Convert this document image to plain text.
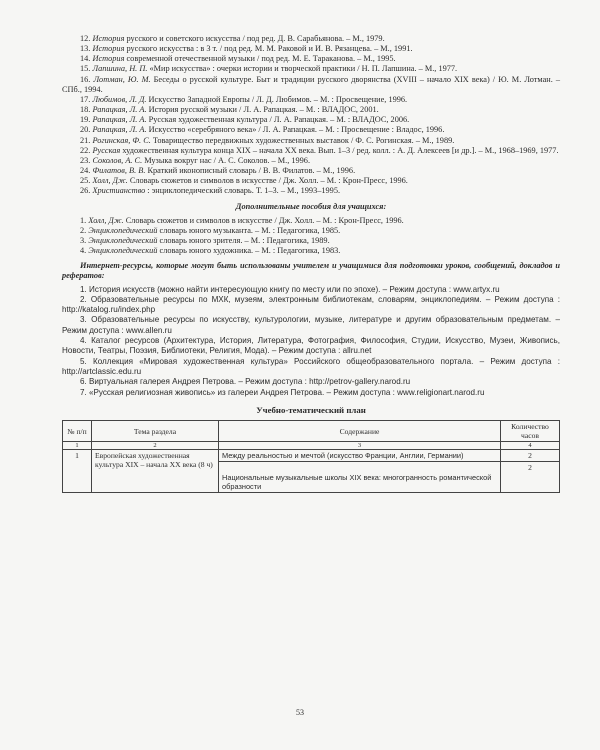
12. История русского и советского искусства / под ред. Д. В. Сарабьянова. – М., 1979.

13. История русского искусства : в 3 т. / под ред. М. М. Раковой и И. В. Рязанцева. – М., 1991.

14. История современной отечественной музыки / под ред. М. Е. Таракановa. – М., 1995.

15. Лапшина, Н. П. «Мир искусства» : очерки истории и творческой практики / Н. П. Лапшина. – М., 1977.

16. Лотман, Ю. М. Беседы о русской культуре. Быт и традиции русского дворянства (XVIII – начало XIX века) / Ю. М. Лотман. – СПб., 1994.

17. Любимов, Л. Д. Искусство Западной Европы / Л. Д. Любимов. – М. : Просвещение, 1996.

18. Рапацкая, Л. А. История русской музыки / Л. А. Рапацкая. – М. : ВЛАДОС, 2001.

19. Рапацкая, Л. А. Русская художественная культура / Л. А. Рапацкая. – М. : ВЛАДОС, 2006.

20. Рапацкая, Л. А. Искусство «серебряного века» / Л. А. Рапацкая. – М. : Просвещение : Владос, 1996.

21. Рогинская, Ф. С. Товарищество передвижных художественных выставок / Ф. С. Рогинская. – М., 1989.

22. Русская художественная культура конца XIX – начала XX века. Вып. 1–3 / ред. колл. : А. Д. Алексеев [и др.]. – М., 1968–1969, 1977.

23. Соколов, А. С. Музыка вокруг нас / А. С. Соколов. – М., 1996.

24. Филатов, В. В. Краткий иконописный словарь / В. В. Филатов. – М., 1996.

25. Холл, Дж. Словарь сюжетов и символов в искусстве / Дж. Холл. – М. : Крон-Пресс, 1996.

26. Христианство : энциклопедический словарь. Т. 1–3. – М., 1993–1995.

Дополнительные пособия для учащихся:

1. Холл, Дж. Словарь сюжетов и символов в искусстве / Дж. Холл. – М. : Крон-Пресс, 1996.

2. Энциклопедический словарь юного музыканта. – М. : Педагогика, 1985.

3. Энциклопедический словарь юного зрителя. – М. : Педагогика, 1989.

4. Энциклопедический словарь юного художника. – М. : Педагогика, 1983.

Интернет-ресурсы, которые могут быть использованы учителем и учащимися для подготовки уроков, сообщений, докладов и рефератов:

1. История искусств (можно найти интересующую книгу по месту или по эпохе). – Режим доступа : www.artyx.ru

2. Образовательные ресурсы по МХК, музеям, электронным библиотекам, словарям, энциклопедиям. – Режим доступа : http://katalog.ru/index.php

3. Образовательные ресурсы по искусству, культурологии, музыке, литературе и другим образовательным предметам. – Режим доступа : www.allen.ru

4. Каталог ресурсов (Архитектура, История, Литература, Фотография, Философия, Студии, Искусство, Музеи, Живопись, Новости, Театры, Поэзия, Библиотеки, Религия, Мода). – Режим доступа : allru.net

5. Коллекция «Мировая художественная культура» Российского общеобразовательного портала. – Режим доступа : http://artclassic.edu.ru

6. Виртуальная галерея Андрея Петрова. – Режим доступа : http://petrov-gallery.narod.ru

7. «Русская религиозная живопись» из галереи Андрея Петрова. – Режим доступа : www.religionart.narod.ru

Учебно-тематический план
№ п/п	Тема раздела	Содержание	Количество часов
1	2	3	4
1	Европейская художественная культура XIX – начала XX века (8 ч)	Между реальностью и мечтой (искусство Франции, Англии, Германии)	2
		Национальные музыкальные школы XIX века: многогранность романтической образности	2
53
